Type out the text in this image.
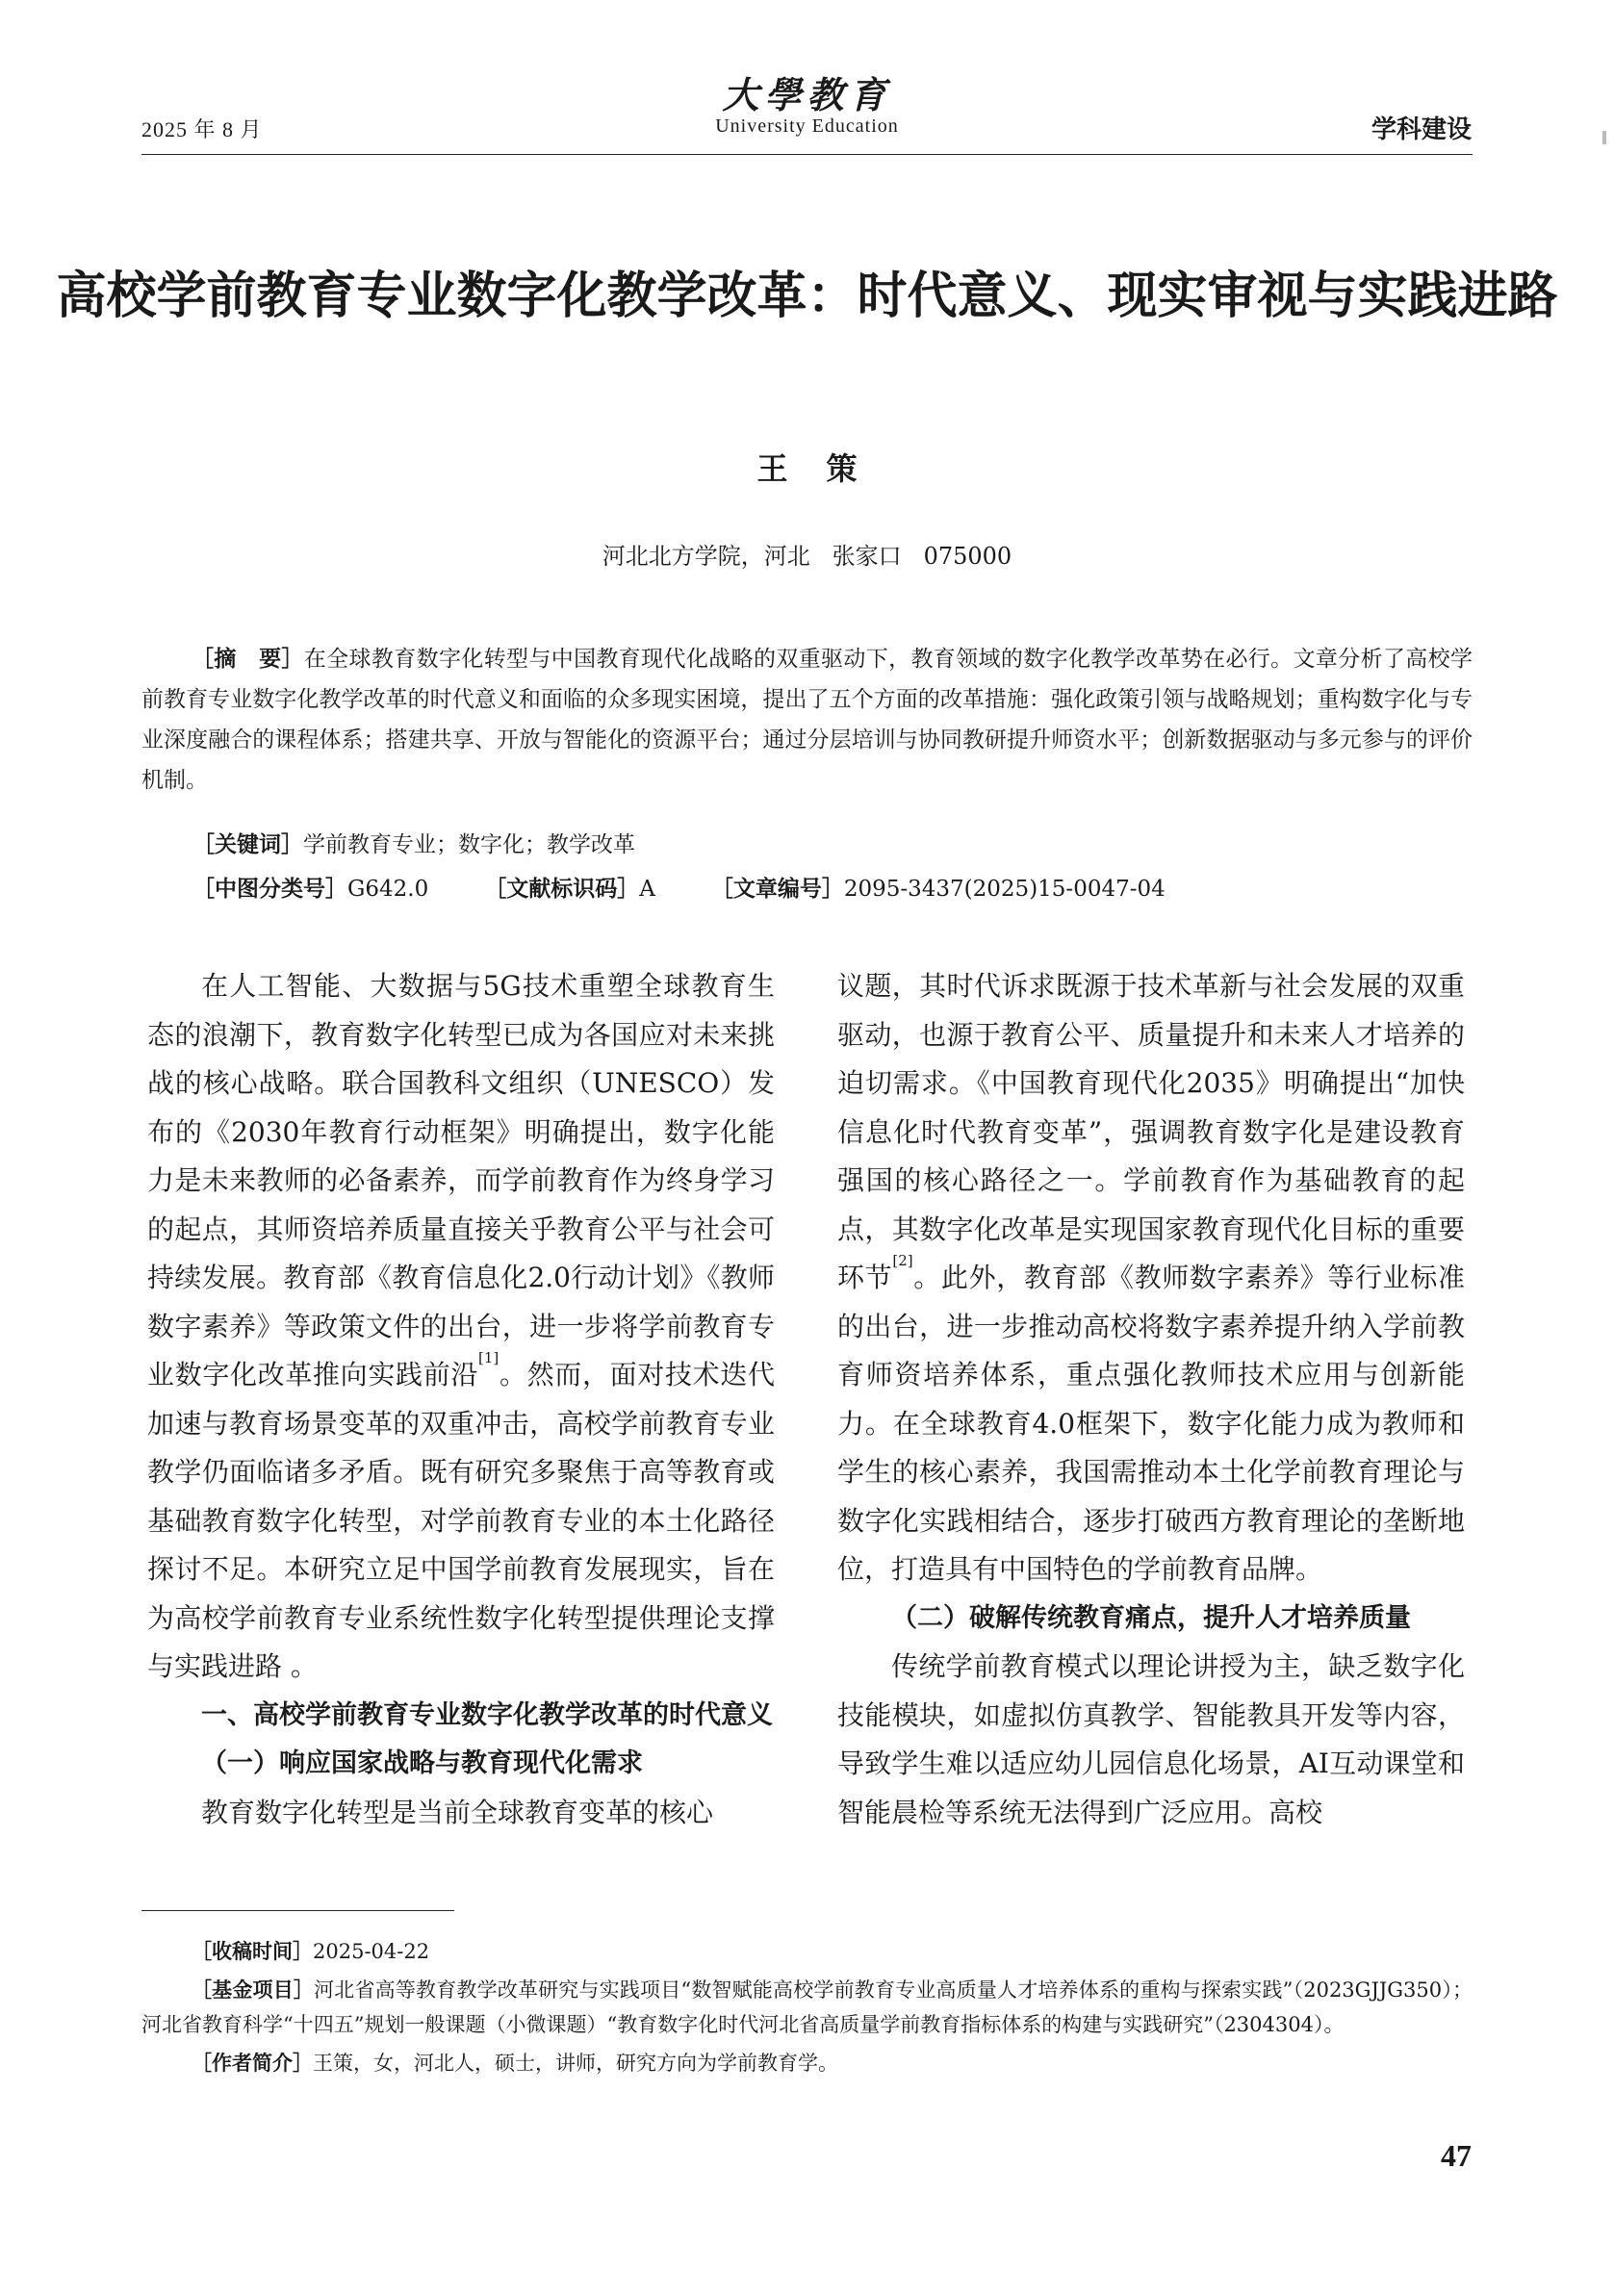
2025 年 8 月
大學教育
University Education	学科建设
高校学前教育专业数字化教学改革：时代意义、现实审视与实践进路
王策
河北北方学院，河北   张家口   075000
［摘　要］在全球教育数字化转型与中国教育现代化战略的双重驱动下，教育领域的数字化教学改革势在必行。文章分析了高校学前教育专业数字化教学改革的时代意义和面临的众多现实困境，提出了五个方面的改革措施：强化政策引领与战略规划；重构数字化与专业深度融合的课程体系；搭建共享、开放与智能化的资源平台；通过分层培训与协同教研提升师资水平；创新数据驱动与多元参与的评价机制。
［关键词］学前教育专业；数字化；教学改革
［中图分类号］G642.0	［文献标识码］A	［文章编号］2095-3437(2025)15-0047-04

在人工智能、大数据与5G技术重塑全球教育生态的浪潮下，教育数字化转型已成为各国应对未来挑战的核心战略。联合国教科文组织（UNESCO）发布的《2030年教育行动框架》明确提出，数字化能力是未来教师的必备素养，而学前教育作为终身学习的起点，其师资培养质量直接关乎教育公平与社会可持续发展。教育部《教育信息化2.0行动计划》《教师数字素养》等政策文件的出台，进一步将学前教育专业数字化改革推向实践前沿[1]。然而，面对技术迭代加速与教育场景变革的双重冲击，高校学前教育专业教学仍面临诸多矛盾。既有研究多聚焦于高等教育或基础教育数字化转型，对学前教育专业的本土化路径探讨不足。本研究立足中国学前教育发展现实，旨在为高校学前教育专业系统性数字化转型提供理论支撑与实践进路 。

一、高校学前教育专业数字化教学改革的时代意义

（一）响应国家战略与教育现代化需求

教育数字化转型是当前全球教育变革的核心

议题，其时代诉求既源于技术革新与社会发展的双重驱动，也源于教育公平、质量提升和未来人才培养的迫切需求。《中国教育现代化2035》明确提出“加快信息化时代教育变革”，强调教育数字化是建设教育强国的核心路径之一。学前教育作为基础教育的起点，其数字化改革是实现国家教育现代化目标的重要环节[2]。此外，教育部《教师数字素养》等行业标准的出台，进一步推动高校将数字素养提升纳入学前教育师资培养体系，重点强化教师技术应用与创新能力。在全球教育4.0框架下，数字化能力成为教师和学生的核心素养，我国需推动本土化学前教育理论与数字化实践相结合，逐步打破西方教育理论的垄断地位，打造具有中国特色的学前教育品牌。

（二）破解传统教育痛点，提升人才培养质量

传统学前教育模式以理论讲授为主，缺乏数字化技能模块，如虚拟仿真教学、智能教具开发等内容，导致学生难以适应幼儿园信息化场景，AI互动课堂和智能晨检等系统无法得到广泛应用。高校

［收稿时间］2025-04-22

［基金项目］河北省高等教育教学改革研究与实践项目“数智赋能高校学前教育专业高质量人才培养体系的重构与探索实践”（2023GJJG350）；河北省教育科学“十四五”规划一般课题（小微课题）“教育数字化时代河北省高质量学前教育指标体系的构建与实践研究”（2304304）。

［作者简介］王策，女，河北人，硕士，讲师，研究方向为学前教育学。

47
